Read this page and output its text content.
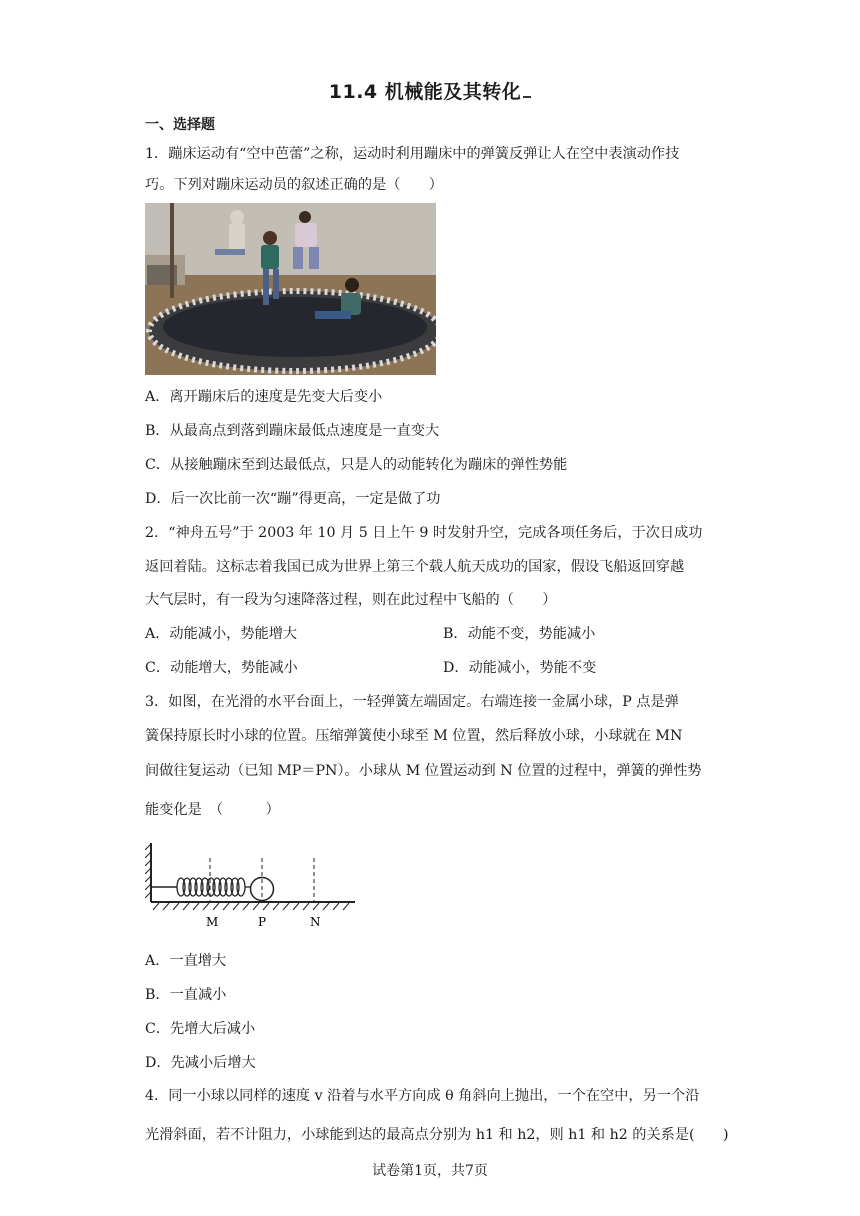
11.4 机械能及其转化
一、选择题
1．蹦床运动有“空中芭蕾”之称，运动时利用蹦床中的弹簧反弹让人在空中表演动作技
巧。下列对蹦床运动员的叙述正确的是（　　）
A．离开蹦床后的速度是先变大后变小
B．从最高点到落到蹦床最低点速度是一直变大
C．从接触蹦床至到达最低点，只是人的动能转化为蹦床的弹性势能
D．后一次比前一次“蹦”得更高，一定是做了功
2．“神舟五号”于 2003 年 10 月 5 日上午 9 时发射升空，完成各项任务后，于次日成功
返回着陆。这标志着我国已成为世界上第三个载人航天成功的国家，假设飞船返回穿越
大气层时，有一段为匀速降落过程，则在此过程中飞船的（　　）
A．动能减小，势能增大	B．动能不变，势能减小
C．动能增大，势能减小	D．动能减小，势能不变
3．如图，在光滑的水平台面上，一轻弹簧左端固定。右端连接一金属小球，P 点是弹
簧保持原长时小球的位置。压缩弹簧使小球至 M 位置，然后释放小球，小球就在 MN
间做往复运动（已知 MP＝PN）。小球从 M 位置运动到 N 位置的过程中，弹簧的弹性势
能变化是　（　　　）
M	P	N
A．一直增大
B．一直减小
C．先增大后减小
D．先减小后增大
4．同一小球以同样的速度 v 沿着与水平方向成 θ 角斜向上抛出，一个在空中，另一个沿
光滑斜面，若不计阻力，小球能到达的最高点分别为 h1 和 h2，则 h1 和 h2 的关系是(　　)
试卷第1页，共7页
